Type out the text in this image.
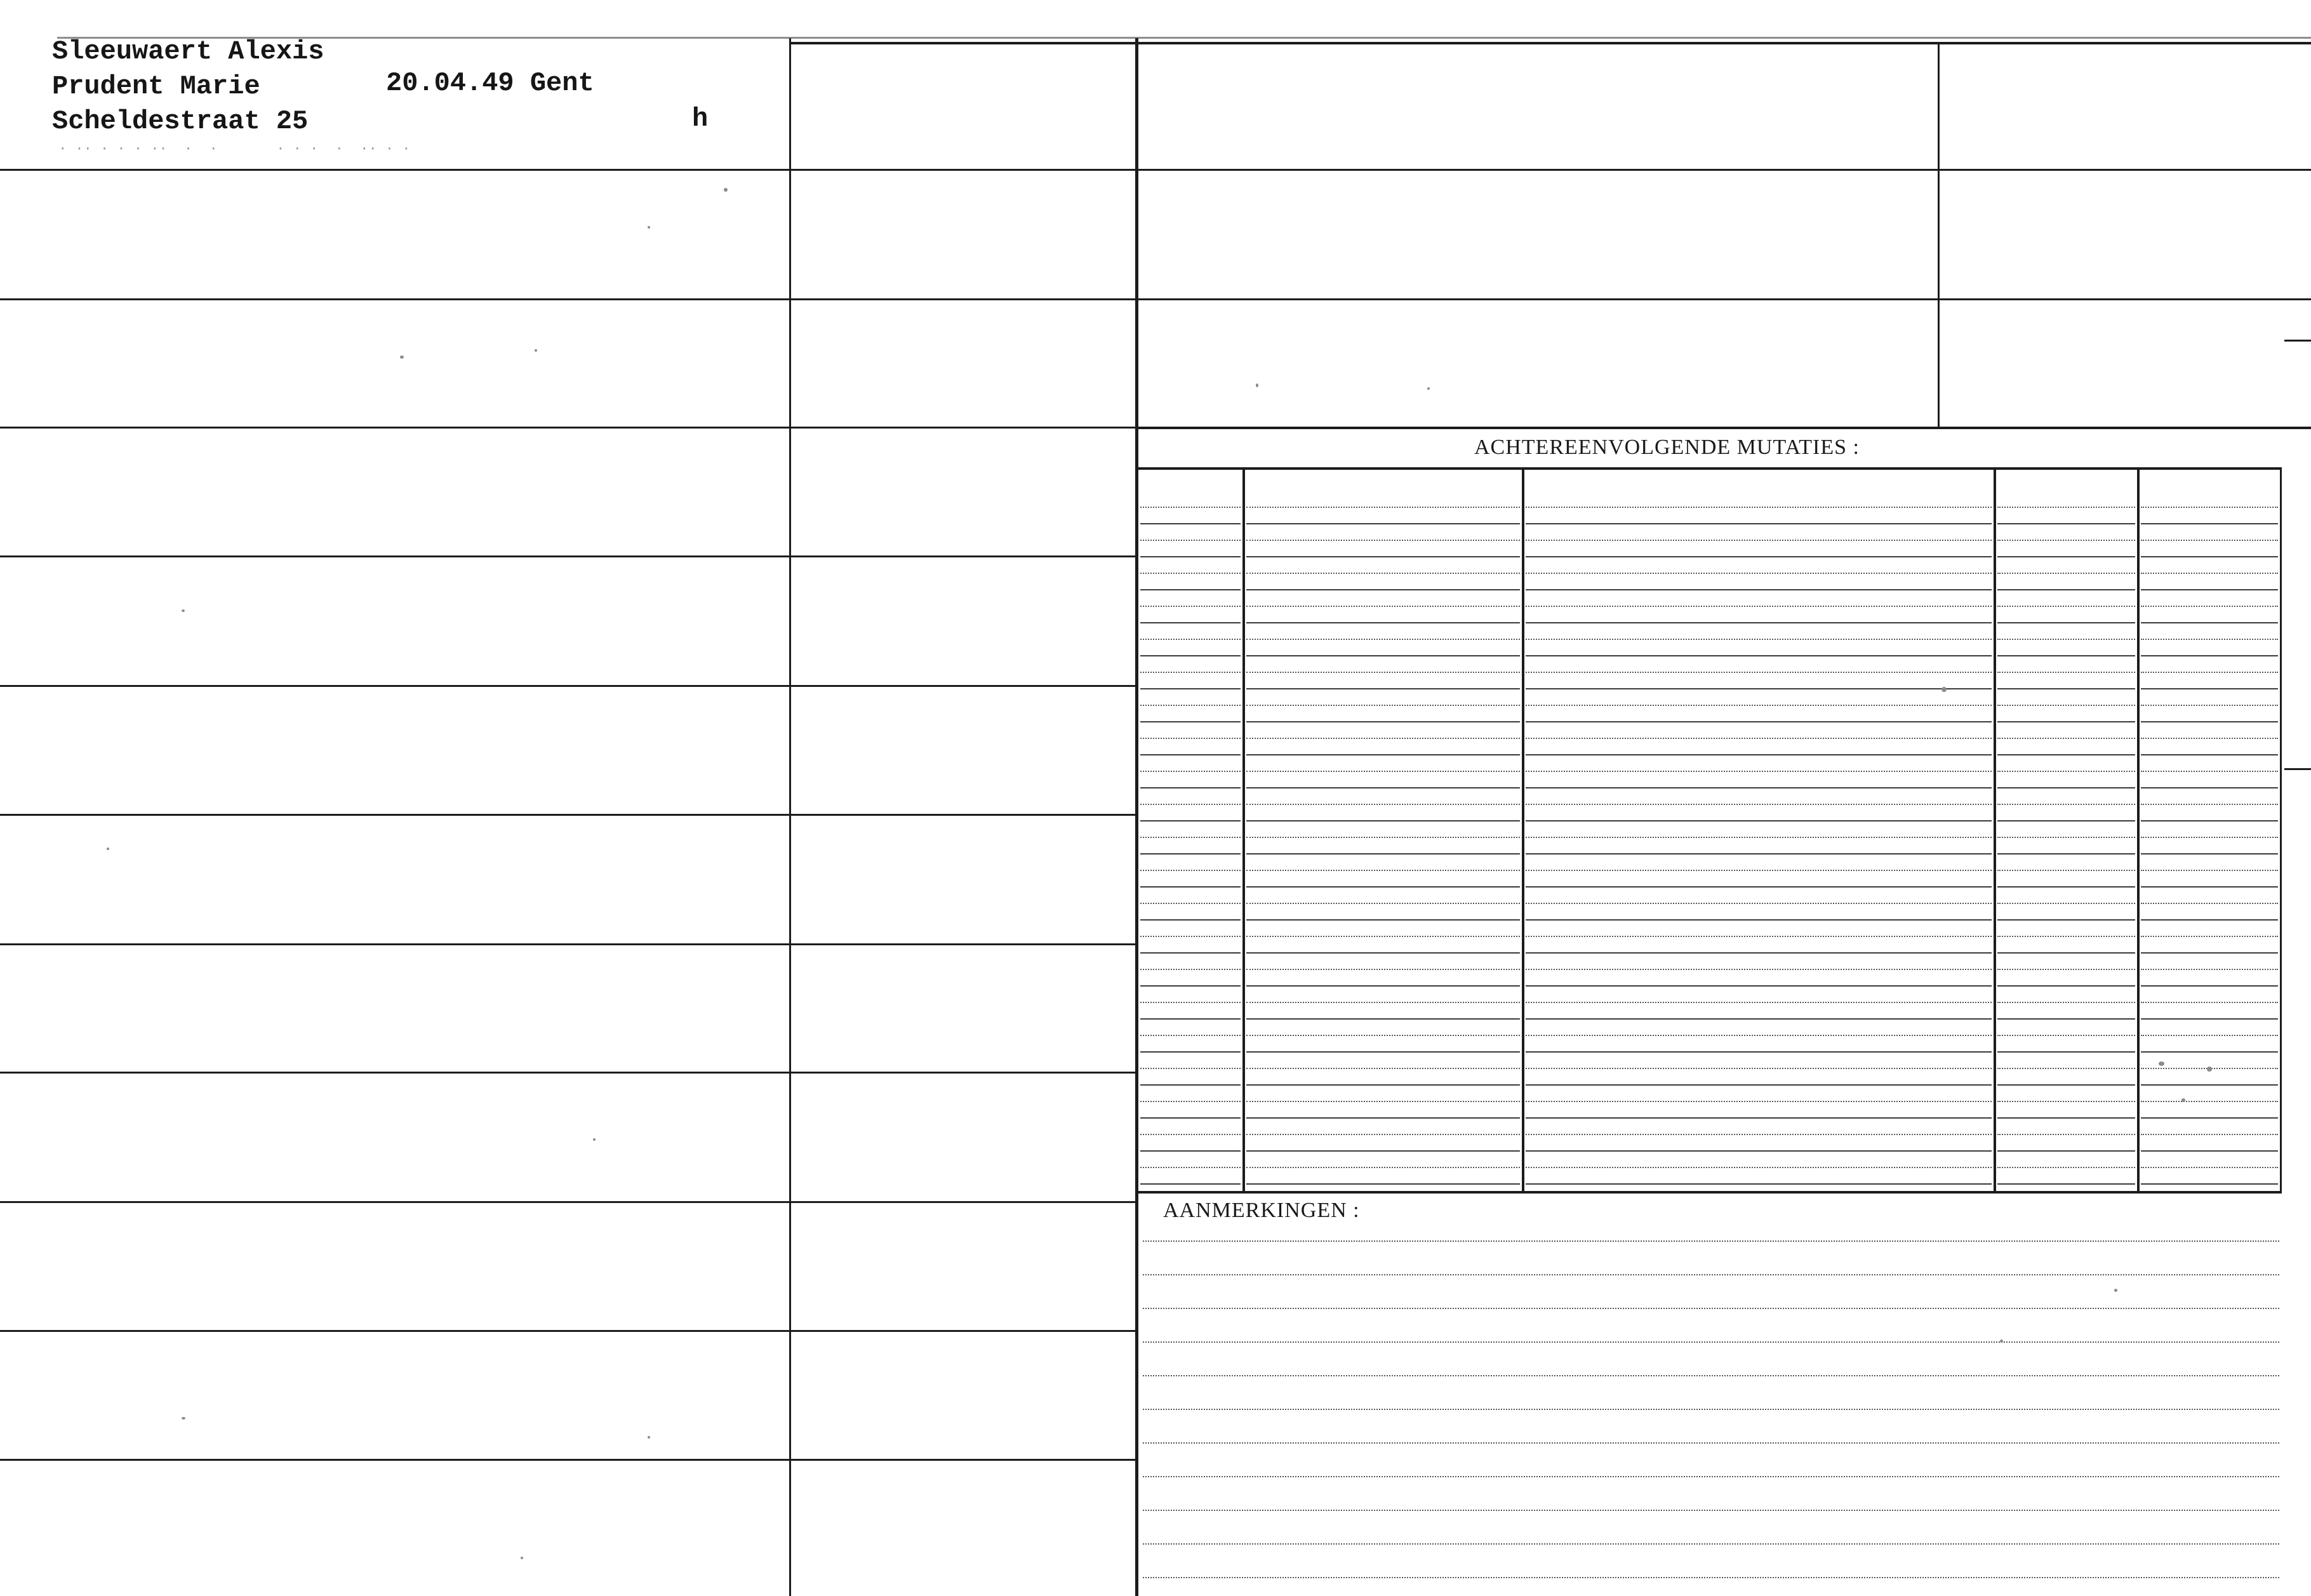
Sleeuwaert Alexis
Prudent Marie
Scheldestraat 25
20.04.49 Gent
h
· ·· · · · ··  ·  ·       · · ·  ·  ·· · ·
ACHTEREENVOLGENDE MUTATIES :
AANMERKINGEN :
